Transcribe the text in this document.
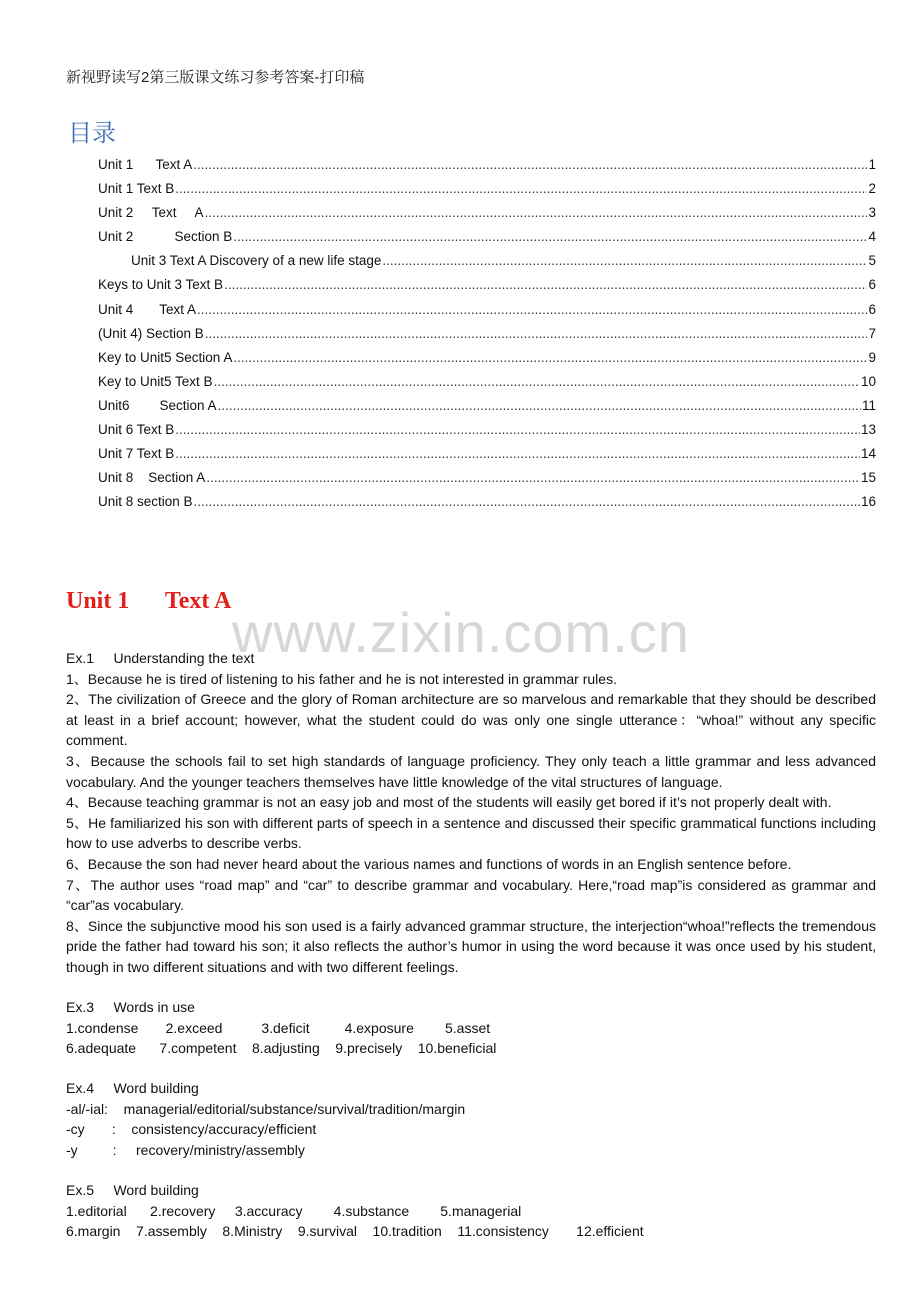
新视野读写2第三版课文练习参考答案-打印稿
目录
Unit 1      Text A .....	1
Unit 1 Text B .....	2
Unit 2     Text     A .....	3
Unit 2           Section B .....	4
Unit 3 Text A Discovery of a new life stage .....	5
Keys to Unit 3 Text B .....	6
Unit 4       Text A .....	6
(Unit 4) Section B .....	7
Key to Unit5 Section A .....	9
Key to Unit5 Text B .....	10
Unit6        Section A .....	11
Unit 6 Text B .....	13
Unit 7 Text B .....	14
Unit 8    Section A .....	15
Unit 8 section B .....	16
www.zixin.com.cn
Unit 1      Text A

Ex.1     Understanding the text

1、Because he is tired of listening to his father and he is not interested in grammar rules.

2、The civilization of Greece and the glory of Roman architecture are so marvelous and remarkable that they should be described at least in a brief account; however, what the student could do was only one single utterance：“whoa!” without any specific comment.

3、Because the schools fail to set high standards of language proficiency. They only teach a little grammar and less advanced vocabulary. And the younger teachers themselves have little knowledge of the vital structures of language.

4、Because teaching grammar is not an easy job and most of the students will easily get bored if it’s not properly dealt with.

5、He familiarized his son with different parts of speech in a sentence and discussed their specific grammatical functions including how to use adverbs to describe verbs.

6、Because the son had never heard about the various names and functions of words in an English sentence before.

7、The author uses “road map” and “car” to describe grammar and vocabulary. Here,“road map”is considered as grammar and “car”as vocabulary.

8、Since the subjunctive mood his son used is a fairly advanced grammar structure, the interjection“whoa!”reflects the tremendous pride the father had toward his son; it also reflects the author’s humor in using the word because it was once used by his student, though in two different situations and with two different feelings.

Ex.3     Words in use

1.condense       2.exceed          3.deficit         4.exposure        5.asset

6.adequate      7.competent    8.adjusting    9.precisely    10.beneficial

Ex.4     Word building

-al/-ial:    managerial/editorial/substance/survival/tradition/margin

-cy       :    consistency/accuracy/efficient

-y         :     recovery/ministry/assembly

Ex.5     Word building

1.editorial      2.recovery     3.accuracy        4.substance        5.managerial

6.margin    7.assembly    8.Ministry    9.survival    10.tradition    11.consistency       12.efficient
